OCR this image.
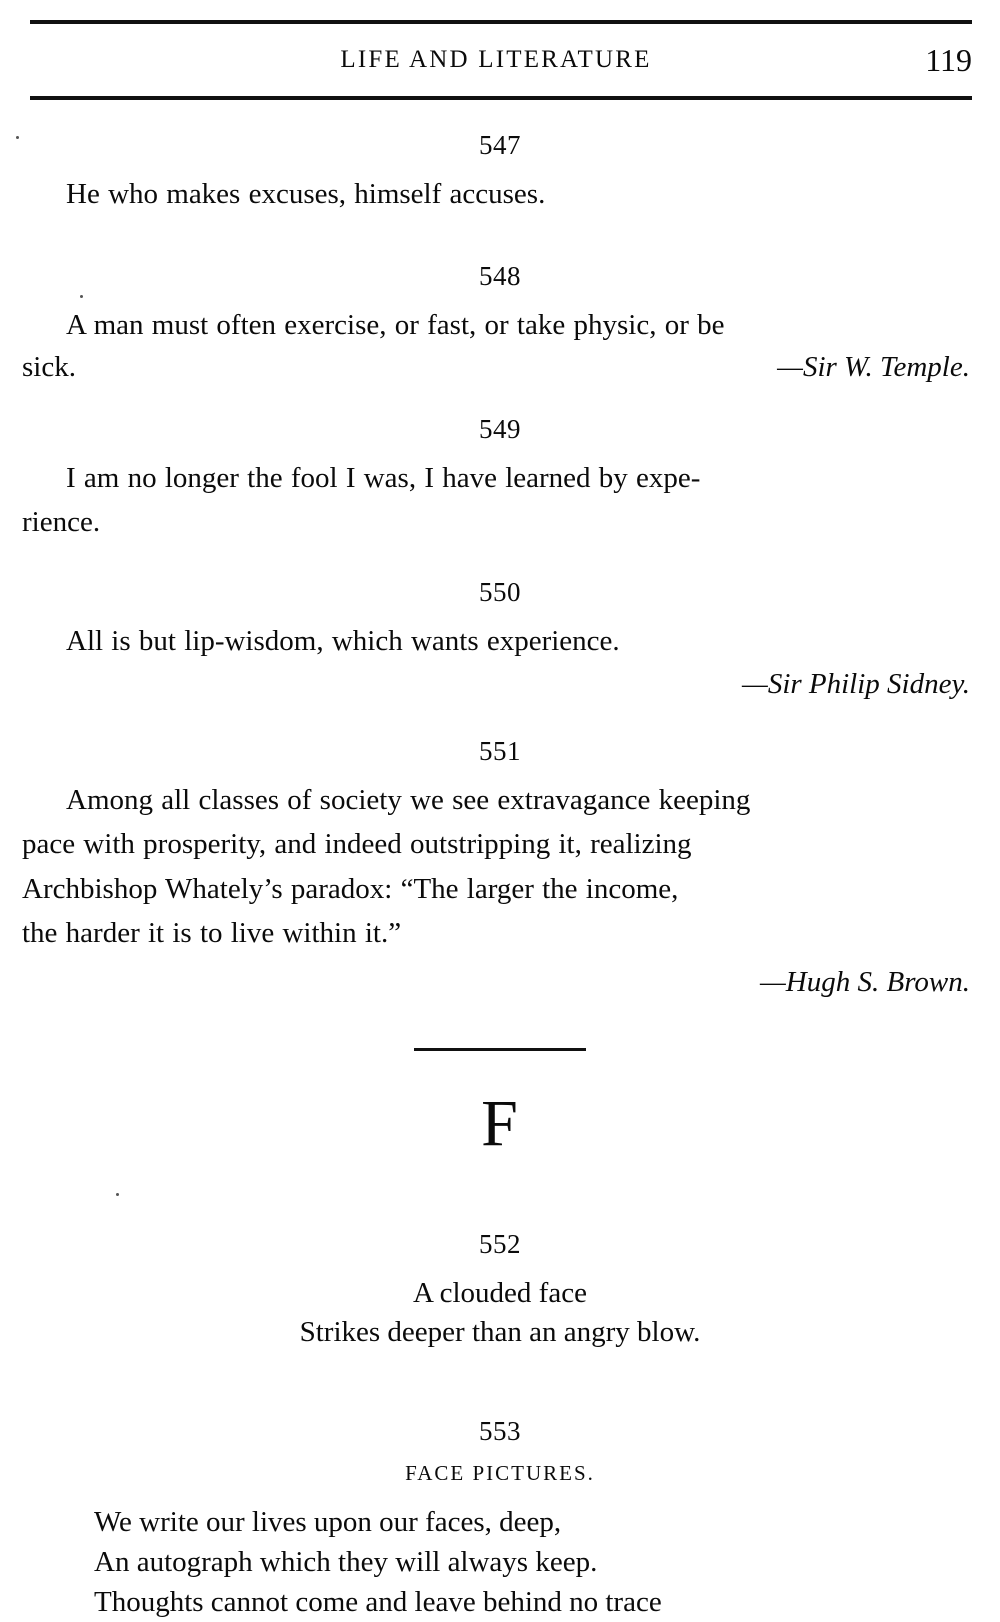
LIFE AND LITERATURE	119
547
He who makes excuses, himself accuses.
548
A man must often exercise, or fast, or take physic, or be
sick.	—Sir W. Temple.
549
I am no longer the fool I was, I have learned by expe-
rience.
550
All is but lip-wisdom, which wants experience.
—Sir Philip Sidney.
551
Among all classes of society we see extravagance keeping
pace with prosperity, and indeed outstripping it, realizing
Archbishop Whately’s paradox: “The larger the income,
the harder it is to live within it.”
—Hugh S. Brown.
F
552
A clouded face
Strikes deeper than an angry blow.
553
FACE PICTURES.
We write our lives upon our faces, deep,
An autograph which they will always keep.
Thoughts cannot come and leave behind no trace
